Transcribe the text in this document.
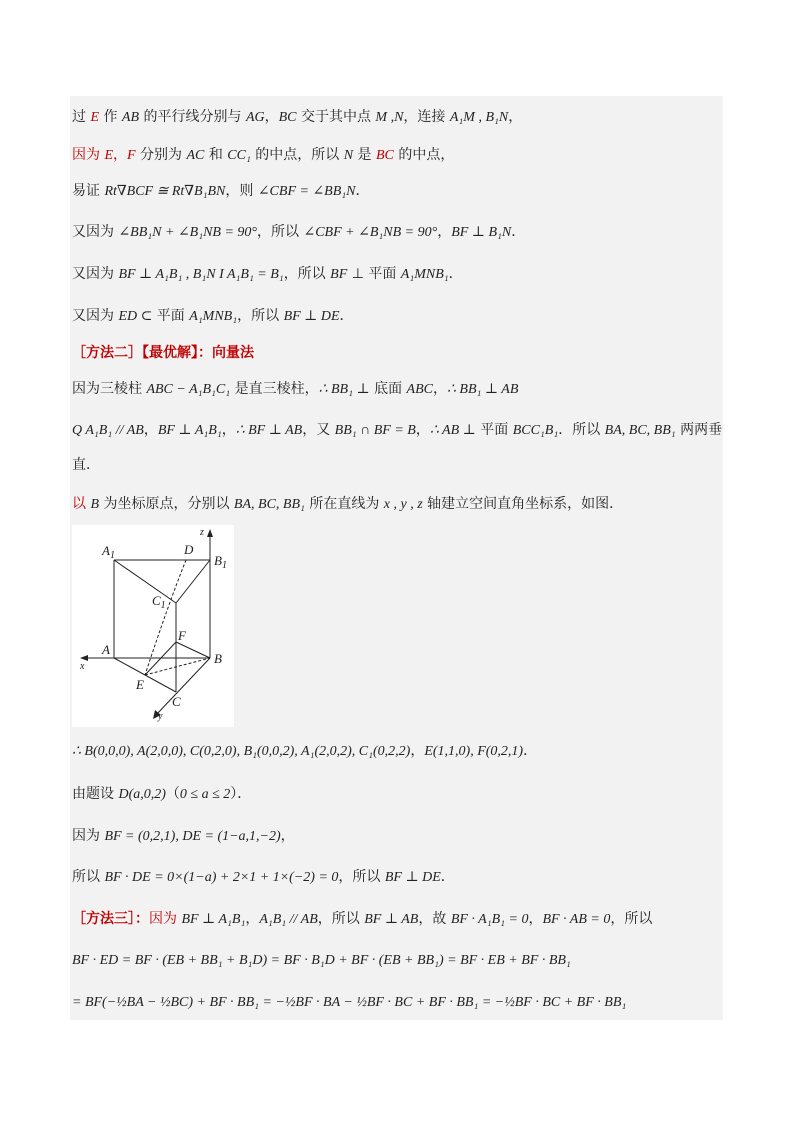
过 E 作 AB 的平行线分别与 AG，BC 交于其中点 M ,N，连接 A₁M , B₁N，
因为 E，F 分别为 AC 和 CC₁ 的中点，所以 N 是 BC 的中点，
易证 Rt∇BCF ≅ Rt∇B₁BN，则 ∠CBF = ∠BB₁N．
又因为 ∠BB₁N + ∠B₁NB = 90°，所以 ∠CBF + ∠B₁NB = 90°，BF ⊥ B₁N．
又因为 BF ⊥ A₁B₁ , B₁N I A₁B₁ = B₁，所以 BF ⊥ 平面 A₁MNB₁．
又因为 ED ⊂ 平面 A₁MNB₁，所以 BF ⊥ DE．
［方法二］【最优解】：向量法
因为三棱柱 ABC − A₁B₁C₁ 是直三棱柱，∴ BB₁ ⊥ 底面 ABC，∴ BB₁ ⊥ AB
Q A₁B₁ // AB，BF ⊥ A₁B₁，∴ BF ⊥ AB，又 BB₁ ∩ BF = B，∴ AB ⊥ 平面 BCC₁B₁．所以 BA, BC, BB₁ 两两垂
直．
以 B 为坐标原点，分别以 BA, BC, BB₁ 所在直线为 x , y , z 轴建立空间直角坐标系，如图．
∴ B(0,0,0), A(2,0,0), C(0,2,0), B₁(0,0,2), A₁(2,0,2), C₁(0,2,2)，E(1,1,0), F(0,2,1)．
由题设 D(a,0,2)（0 ≤ a ≤ 2）．
因为 BF = (0,2,1), DE = (1−a,1,−2)，
所以 BF · DE = 0×(1−a) + 2×1 + 1×(−2) = 0，所以 BF ⊥ DE．
［方法三］：因为 BF ⊥ A₁B₁，A₁B₁ // AB，所以 BF ⊥ AB，故 BF · A₁B₁ = 0，BF · AB = 0，所以
BF · ED = BF · (EB + BB₁ + B₁D) = BF · B₁D + BF · (EB + BB₁) = BF · EB + BF · BB₁
= BF(−½BA − ½BC) + BF · BB₁ = −½BF · BA − ½BF · BC + BF · BB₁ = −½BF · BC + BF · BB₁
$A_1$	D
$B_1$
$C_1$
F
A
B
E
C
x
y
z
